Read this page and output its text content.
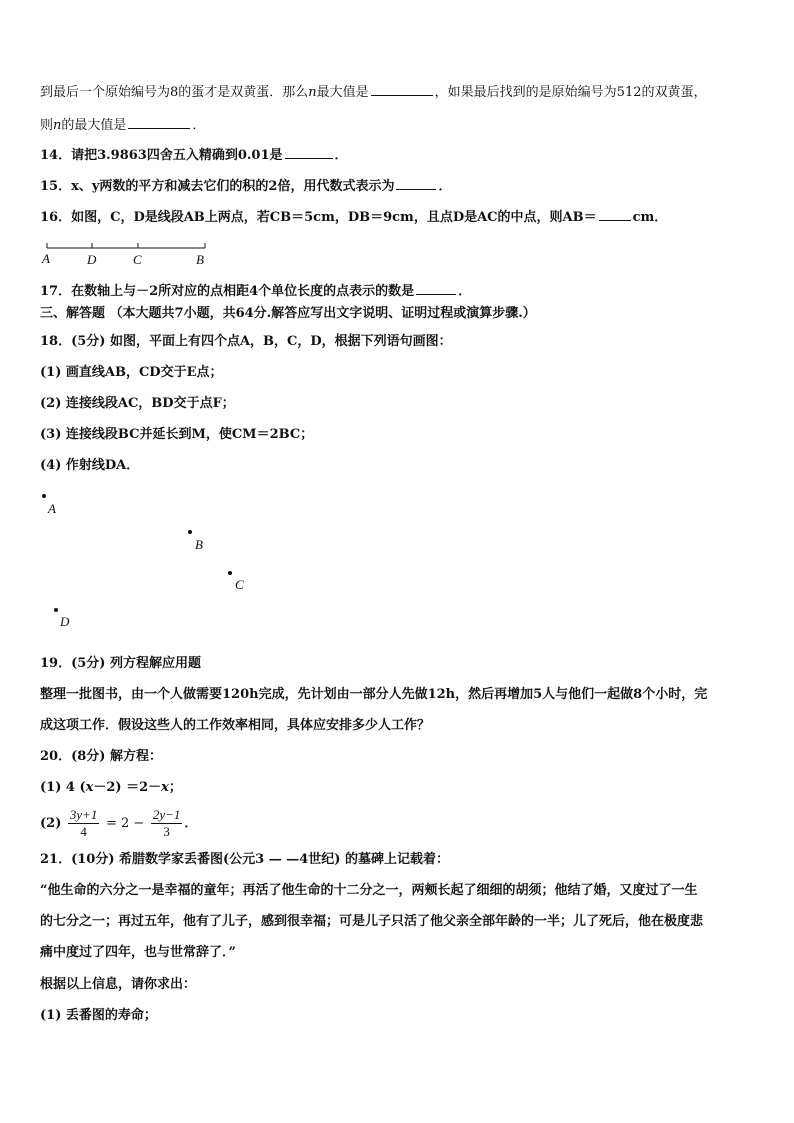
到最后一个原始编号为8的蛋才是双黄蛋．那么n最大值是	，如果最后找到的是原始编号为512的双黄蛋，
则n的最大值是	．
14．请把3.9863四舍五入精确到0.01是	．
15．x、y两数的平方和减去它们的积的2倍，用代数式表示为	．
16．如图，C，D是线段AB上两点，若CB＝5cm，DB＝9cm，且点D是AC的中点，则AB＝	cm．
A	D	C	B
17．在数轴上与－2所对应的点相距4个单位长度的点表示的数是	．
三、解答题 （本大题共7小题，共64分.解答应写出文字说明、证明过程或演算步骤.）
18．(5分) 如图，平面上有四个点A，B，C，D，根据下列语句画图：
(1) 画直线AB，CD交于E点；
(2) 连接线段AC，BD交于点F；
(3) 连接线段BC并延长到M，使CM＝2BC；
(4) 作射线DA．
A
B
C
D
19．(5分) 列方程解应用题
整理一批图书，由一个人做需要120h完成，先计划由一部分人先做12h，然后再增加5人与他们一起做8个小时，完
成这项工作．假设这些人的工作效率相同，具体应安排多少人工作？
20．(8分) 解方程：
(1) 4 (x－2) ＝2－x；
$(2) \frac{3y+1}{4} = 2 - \frac{2y-1}{3}$ ．
21．(10分) 希腊数学家丢番图(公元3 — —4世纪) 的墓碑上记载着：
“他生命的六分之一是幸福的童年；再活了他生命的十二分之一，两颊长起了细细的胡须；他结了婚，又度过了一生
的七分之一；再过五年，他有了儿子，感到很幸福；可是儿子只活了他父亲全部年龄的一半；儿了死后，他在极度悲
痛中度过了四年，也与世常辞了．”
根据以上信息，请你求出：
(1) 丢番图的寿命；
